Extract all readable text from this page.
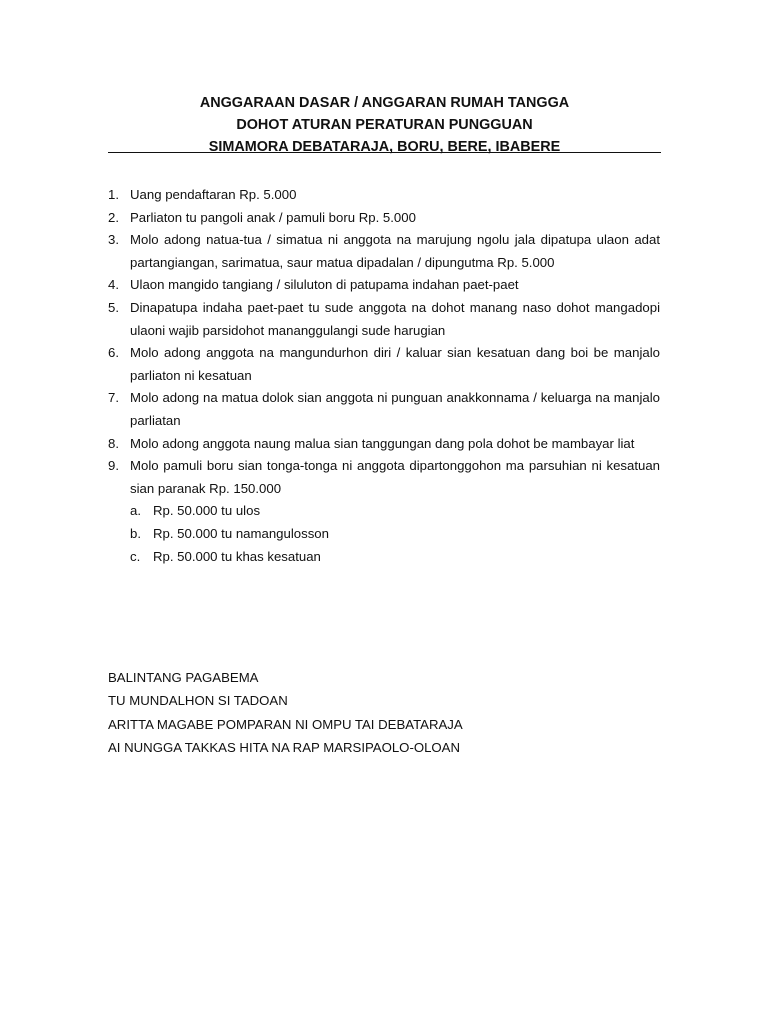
ANGGARAAN DASAR / ANGGARAN RUMAH TANGGA
DOHOT ATURAN PERATURAN PUNGGUAN
SIMAMORA DEBATARAJA, BORU, BERE, IBABERE
1. Uang pendaftaran Rp. 5.000
2. Parliaton tu pangoli anak / pamuli boru Rp. 5.000
3. Molo adong natua-tua / simatua ni anggota na marujung ngolu jala dipatupa ulaon adat partangiangan, sarimatua, saur matua dipadalan / dipungutma Rp. 5.000
4. Ulaon mangido tangiang / siluluton di patupama indahan paet-paet
5. Dinapatupa indaha paet-paet tu sude anggota na dohot manang naso dohot mangadopi ulaoni wajib parsidohot mananggulangi sude harugian
6. Molo adong anggota na mangundurhon diri / kaluar sian kesatuan dang boi be manjalo parliaton ni kesatuan
7. Molo adong na matua dolok sian anggota ni punguan anakkonnama / keluarga na manjalo parliatan
8. Molo adong anggota naung malua sian tanggungan dang pola dohot be mambayar liat
9. Molo pamuli boru sian tonga-tonga ni anggota dipartonggohon ma parsuhian ni kesatuan sian paranak Rp. 150.000
a. Rp. 50.000 tu ulos
b. Rp. 50.000 tu namangulosson
c. Rp. 50.000 tu khas kesatuan
BALINTANG PAGABEMA
TU MUNDALHON SI TADOAN
ARITTA MAGABE POMPARAN NI OMPU TAI DEBATARAJA
AI NUNGGA TAKKAS HITA NA RAP MARSIPAOLO-OLOAN
